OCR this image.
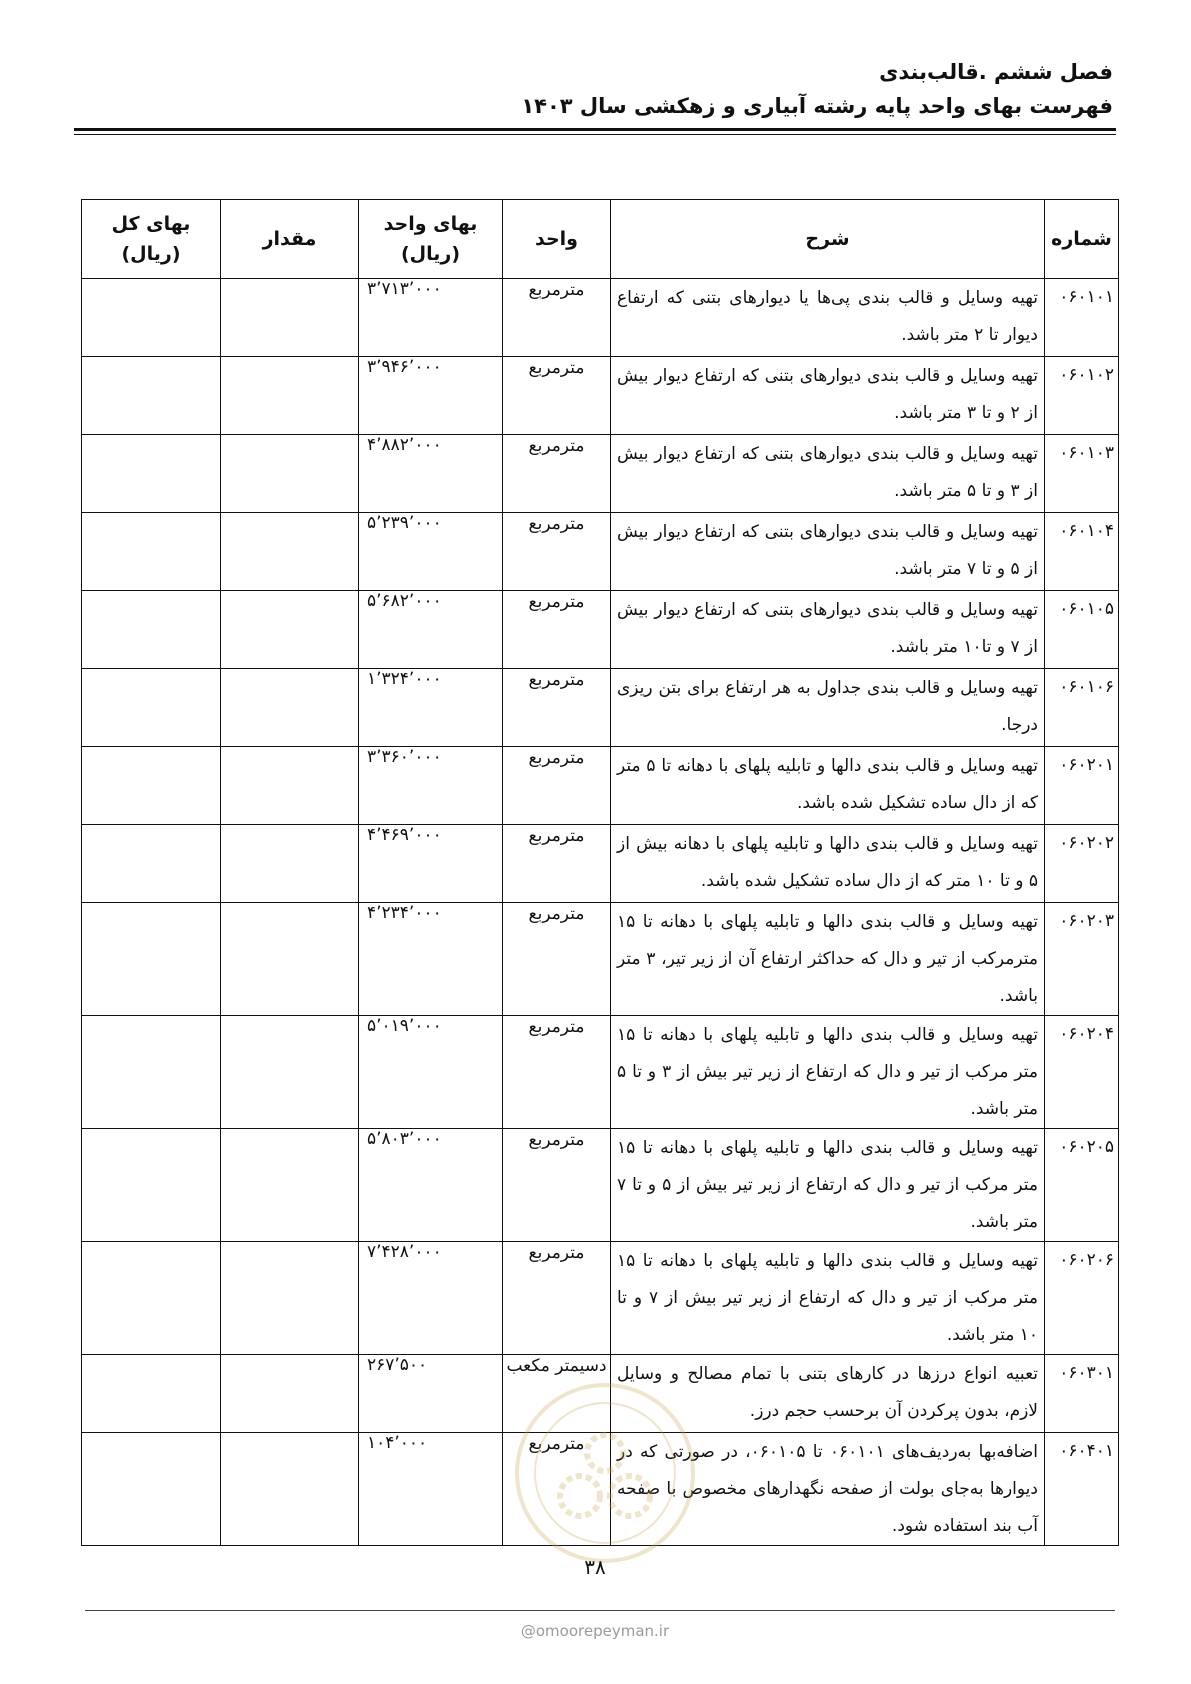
فصل ششم .قالب‌بندی
فهرست بهای واحد پایه رشته آبیاری و زهکشی سال ۱۴۰۳
شماره	شرح	واحد	بهای واحد (ریال)	مقدار	بهای کل (ریال)
۰۶۰۱۰۱	تهیه وسایل و قالب بندی پی‌ها یا دیوارهای بتنی که ارتفاع دیوار تا ۲ متر باشد.	مترمربع	۳٬۷۱۳٬۰۰۰		
۰۶۰۱۰۲	تهیه وسایل و قالب بندی دیوارهای بتنی که ارتفاع دیوار بیش از ۲ و تا ۳ متر باشد.	مترمربع	۳٬۹۴۶٬۰۰۰		
۰۶۰۱۰۳	تهیه وسایل و قالب بندی دیوارهای بتنی که ارتفاع دیوار بیش از ۳ و تا ۵ متر باشد.	مترمربع	۴٬۸۸۲٬۰۰۰		
۰۶۰۱۰۴	تهیه وسایل و قالب بندی دیوارهای بتنی که ارتفاع دیوار بیش از ۵ و تا ۷ متر باشد.	مترمربع	۵٬۲۳۹٬۰۰۰		
۰۶۰۱۰۵	تهیه وسایل و قالب بندی دیوارهای بتنی که ارتفاع دیوار بیش از ۷ و تا۱۰ متر باشد.	مترمربع	۵٬۶۸۲٬۰۰۰		
۰۶۰۱۰۶	تهیه وسایل و قالب بندی جداول به هر ارتفاع برای بتن ریزی درجا.	مترمربع	۱٬۳۲۴٬۰۰۰		
۰۶۰۲۰۱	تهیه وسایل و قالب بندی دالها و تابلیه پلهای با دهانه تا ۵ متر که از دال ساده تشکیل شده باشد.	مترمربع	۳٬۳۶۰٬۰۰۰		
۰۶۰۲۰۲	تهیه وسایل و قالب بندی دالها و تابلیه پلهای با دهانه بیش از ۵ و تا ۱۰ متر که از دال ساده تشکیل شده باشد.	مترمربع	۴٬۴۶۹٬۰۰۰		
۰۶۰۲۰۳	تهیه وسایل و قالب بندی دالها و تابلیه پلهای با دهانه تا ۱۵ مترمرکب از تیر و دال که حداکثر ارتفاع آن از زیر تیر، ۳ متر باشد.	مترمربع	۴٬۲۳۴٬۰۰۰		
۰۶۰۲۰۴	تهیه وسایل و قالب بندی دالها و تابلیه پلهای با دهانه تا ۱۵ متر مرکب از تیر و دال که ارتفاع از زیر تیر بیش از ۳ و تا ۵ متر باشد.	مترمربع	۵٬۰۱۹٬۰۰۰		
۰۶۰۲۰۵	تهیه وسایل و قالب بندی دالها و تابلیه پلهای با دهانه تا ۱۵ متر مرکب از تیر و دال که ارتفاع از زیر تیر بیش از ۵ و تا ۷ متر باشد.	مترمربع	۵٬۸۰۳٬۰۰۰		
۰۶۰۲۰۶	تهیه وسایل و قالب بندی دالها و تابلیه پلهای با دهانه تا ۱۵ متر مرکب از تیر و دال که ارتفاع از زیر تیر بیش از ۷ و تا ۱۰ متر باشد.	مترمربع	۷٬۴۲۸٬۰۰۰		
۰۶۰۳۰۱	تعبیه انواع درزها در کارهای بتنی با تمام مصالح و وسایل لازم، بدون پرکردن آن برحسب حجم درز.	دسیمتر مکعب	۲۶۷٬۵۰۰		
۰۶۰۴۰۱	اضافه‌بها به‌ردیف‌های ۰۶۰۱۰۱ تا ۰۶۰۱۰۵، در صورتی که در دیوارها به‌جای بولت از صفحه نگهدارهای مخصوص با صفحه آب بند استفاده شود.	مترمربع	۱۰۴٬۰۰۰		
۳۸
@omoorepeyman.ir
